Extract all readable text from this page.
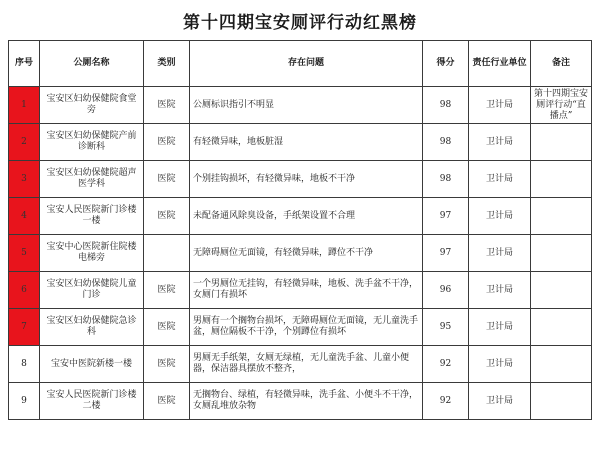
第十四期宝安厕评行动红黑榜
序号	公厕名称	类别	存在问题	得分	责任行业单位	备注
1	宝安区妇幼保健院食堂旁	医院	公厕标识指引不明显	98	卫计局	第十四期宝安厕评行动“直播点”
2	宝安区妇幼保健院产前诊断科	医院	有轻微异味，地板脏湿	98	卫计局	
3	宝安区妇幼保健院超声医学科	医院	个别挂钩损坏，有轻微异味，地板不干净	98	卫计局	
4	宝安人民医院新门诊楼一楼	医院	未配备通风除臭设备，手纸架设置不合理	97	卫计局	
5	宝安中心医院新住院楼电梯旁		无障碍厕位无面镜，有轻微异味，蹲位不干净	97	卫计局	
6	宝安区妇幼保健院儿童门诊	医院	一个男厕位无挂钩，有轻微异味，地板、洗手盆不干净，女厕门有损坏	96	卫计局	
7	宝安区妇幼保健院急诊科	医院	男厕有一个搁物台损坏，无障碍厕位无面镜，无儿童洗手盆，厕位隔板不干净，个别蹲位有损坏	95	卫计局	
8	宝安中医院新楼一楼	医院	男厕无手纸架，女厕无绿植，无儿童洗手盆、儿童小便器，保洁器具摆放不整齐，	92	卫计局	
9	宝安人民医院新门诊楼二楼	医院	无搁物台、绿植，有轻微异味，洗手盆、小便斗不干净，女厕乱堆放杂物	92	卫计局	
